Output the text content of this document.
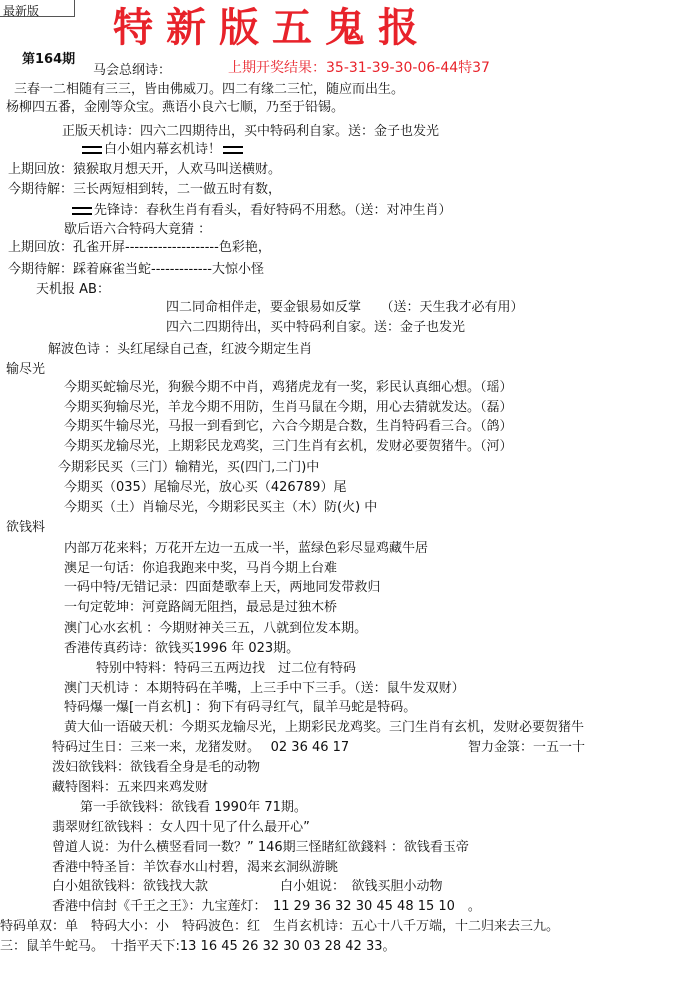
最新版 特新版五鬼报
第164期
上期开奖结果：35-31-39-30-06-44特37
马会总纲诗：
三春一二相随有三三，皆由佛威刀。四二有缘二三忙，随应而出生。
杨柳四五番，金刚等众宝。燕语小良六七顺，乃至于铅锡。
正版天机诗：四六二四期待出，买中特码利自家。送：金子也发光
白小姐内幕玄机诗！
上期回放：猿猴取月想天开，人欢马叫送横财。
今期待解：三长两短相到转，二一做五时有数，
先锋诗：春秋生肖有看头，看好特码不用愁。（送：对冲生肖）
歇后语六合特码大竟猜 ：
上期回放：孔雀开屏--------------------色彩艳，
今期待解：踩着麻雀当蛇-------------大惊小怪
天机报 AB：
四二同命相伴走，要金银易如反掌　　（送：天生我才必有用）
四六二四期待出，买中特码利自家。送：金子也发光
解波色诗 ：头红尾绿自己查，红波今期定生肖
输尽光
今期买蛇输尽光，狗猴今期不中肖，鸡猪虎龙有一奖，彩民认真细心想。（瑶）
今期买狗输尽光，羊龙今期不用防，生肖马鼠在今期，用心去猜就发达。（磊）
今期买牛输尽光，马报一到看到它，六合今期是合数，生肖特码看三合。（鸽）
今期买龙输尽光，上期彩民龙鸡奖，三门生肖有玄机，发财必要贺猪牛。（河）
今期彩民买（三门）输精光，买(四门,二门)中
今期买（035）尾输尽光，放心买（426789）尾
今期买（土）肖输尽光，今期彩民买主（木）防(火) 中
欲钱料
内部万花来料；万花开左边一五成一半，蓝绿色彩尽显鸡藏牛居
澳足一句话：你追我跑来中奖，马肖今期上台难
一码中特/无错记录：四面楚歌奉上天，两地同发带救归
一句定乾坤：河竟路阔无阻挡，最忌是过独木桥
澳门心水玄机 ：今期财神关三五，八就到位发本期。
香港传真药诗：欲钱买1996 年 023期。
特别中特料：特码三五两边找　过二位有特码
澳门天机诗 ：本期特码在羊嘴，上三手中下三手。（送：鼠牛发双财）
特码爆一爆[一肖玄机] ：狗下有码寻红气，鼠羊马蛇是特码。
黄大仙一语破天机：今期买龙输尽光，上期彩民龙鸡奖。三门生肖有玄机，发财必要贺猪牛
特码过生日：三来一来，龙猪发财。　 02 36 46 17	智力金箓：一五一十
泼妇欲钱料：欲钱看全身是毛的动物
藏特图料：五来四来鸡发财
第一手欲钱料：欲钱看 1990年 71期。
翡翠财红欲钱料 ：女人四十见了什么最开心”
曾道人说：为什么横竖看同一数？” 146期三怪睹紅欲錢料 ：欲钱看玉帝
香港中特圣旨：羊饮春水山村碧，渴来玄洞纵游眺
白小姐欲钱料：欲钱找大款	白小姐说：　欲钱买胆小动物
香港中信封《千王之王》：九宝莲灯：　11 29 36 32 30 45 48 15 10　。
特码单双：单　特码大小：小　特码波色：红　生肖玄机诗：五心十八千万端，十二归来去三九。
三：鼠羊牛蛇马。　十指平天下:13 16 45 26 32 30 03 28 42 33。
